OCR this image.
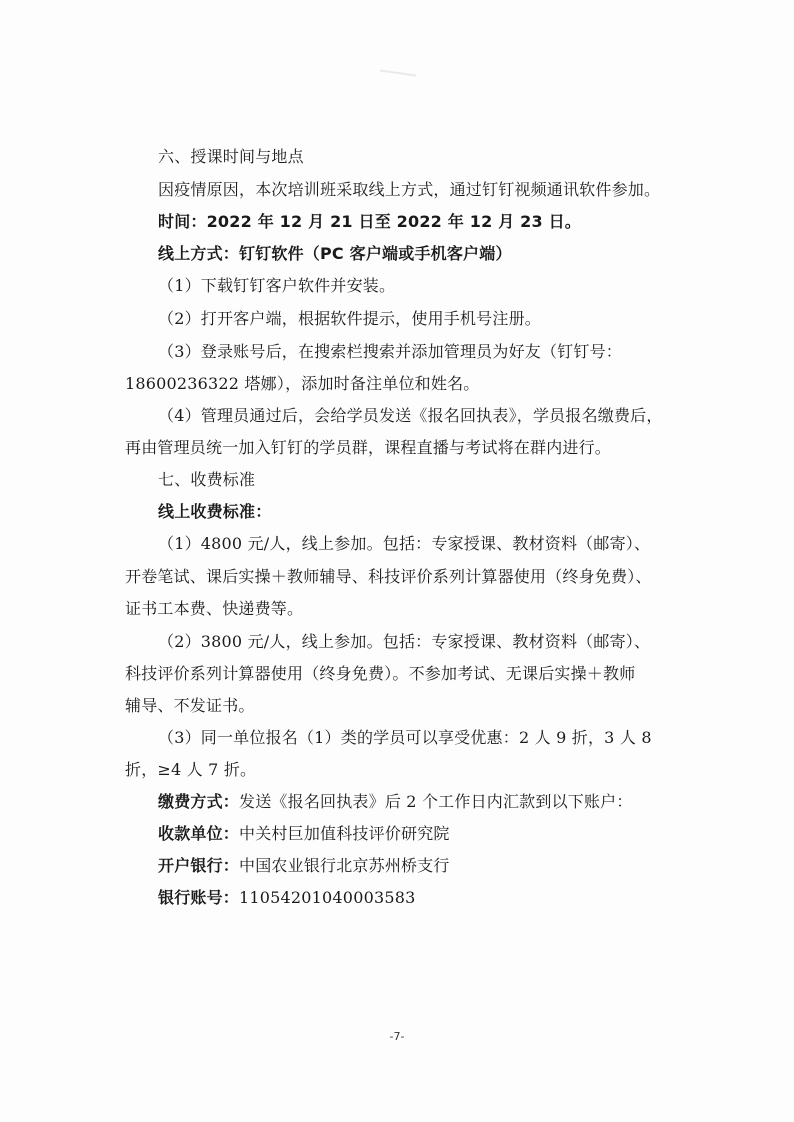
六、授课时间与地点
因疫情原因，本次培训班采取线上方式，通过钉钉视频通讯软件参加。
时间：2022 年 12 月 21 日至 2022 年 12 月 23 日。
线上方式：钉钉软件（PC 客户端或手机客户端）
（1）下载钉钉客户软件并安装。
（2）打开客户端，根据软件提示，使用手机号注册。
（3）登录账号后，在搜索栏搜索并添加管理员为好友（钉钉号：
18600236322 塔娜），添加时备注单位和姓名。
（4）管理员通过后，会给学员发送《报名回执表》，学员报名缴费后，
再由管理员统一加入钉钉的学员群，课程直播与考试将在群内进行。
七、收费标准
线上收费标准：
（1）4800 元/人，线上参加。包括：专家授课、教材资料（邮寄）、
开卷笔试、课后实操＋教师辅导、科技评价系列计算器使用（终身免费）、
证书工本费、快递费等。
（2）3800 元/人，线上参加。包括：专家授课、教材资料（邮寄）、
科技评价系列计算器使用（终身免费）。不参加考试、无课后实操＋教师
辅导、不发证书。
（3）同一单位报名（1）类的学员可以享受优惠：2 人 9 折，3 人 8
折，≥4 人 7 折。
缴费方式：发送《报名回执表》后 2 个工作日内汇款到以下账户：
收款单位：中关村巨加值科技评价研究院
开户银行：中国农业银行北京苏州桥支行
银行账号：11054201040003583
-7-
